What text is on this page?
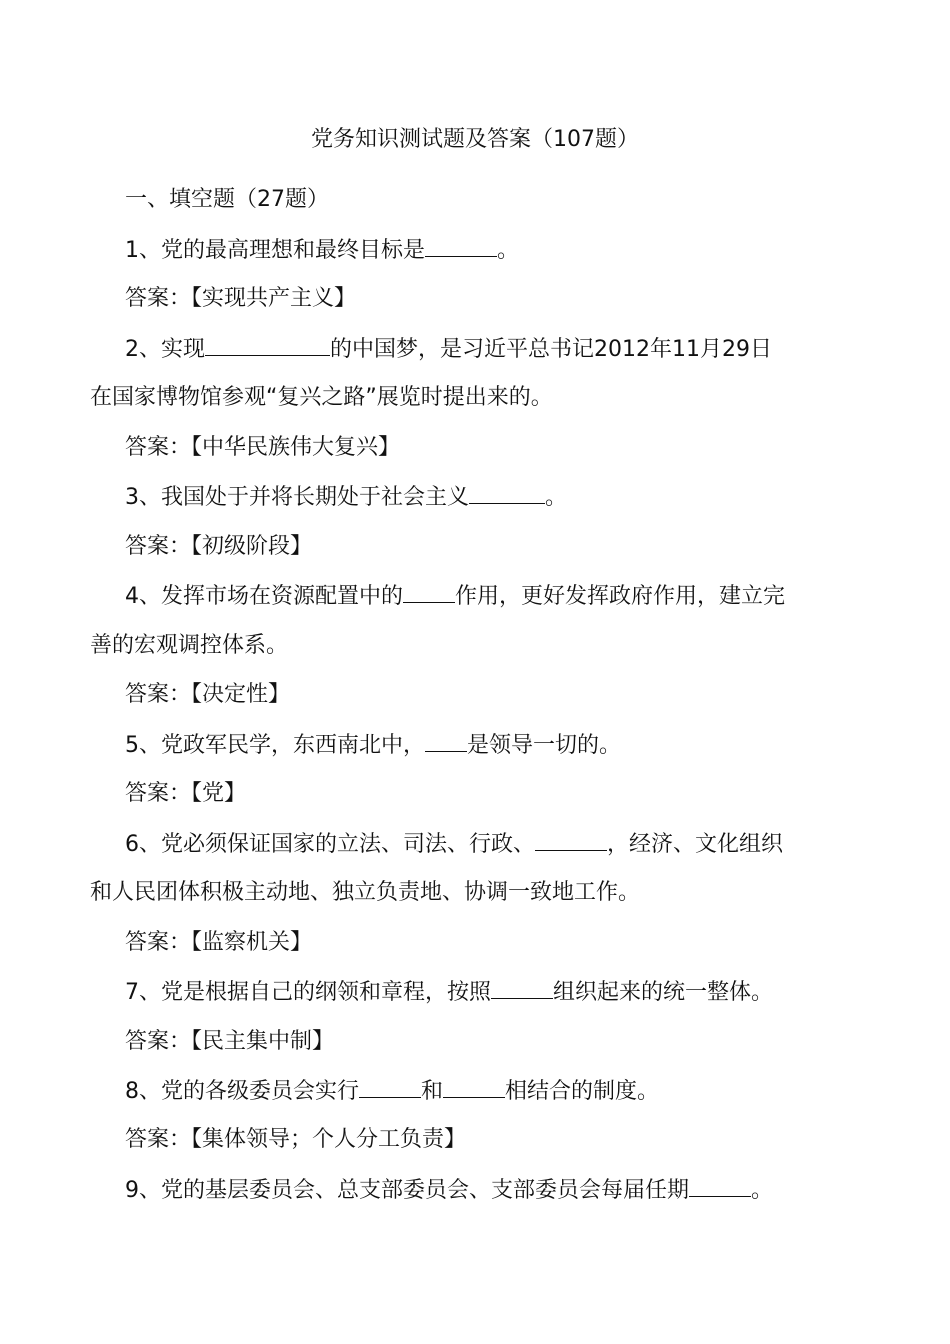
党务知识测试题及答案（107题）
一、填空题（27题）
1、党的最高理想和最终目标是	。
答案：【实现共产主义】
2、实现	的中国梦，是习近平总书记2012年11月29日
在国家博物馆参观“复兴之路”展览时提出来的。
答案：【中华民族伟大复兴】
3、我国处于并将长期处于社会主义	。
答案：【初级阶段】
4、发挥市场在资源配置中的 作用，更好发挥政府作用，建立完
善的宏观调控体系。
答案：【决定性】
5、党政军民学，东西南北中， 是领导一切的。
答案：【党】
6、党必须保证国家的立法、司法、行政、	，经济、文化组织
和人民团体积极主动地、独立负责地、协调一致地工作。
答案：【监察机关】
7、党是根据自己的纲领和章程，按照	组织起来的统一整体。
答案：【民主集中制】
8、党的各级委员会实行	和	相结合的制度。
答案：【集体领导；个人分工负责】
9、党的基层委员会、总支部委员会、支部委员会每届任期	。
